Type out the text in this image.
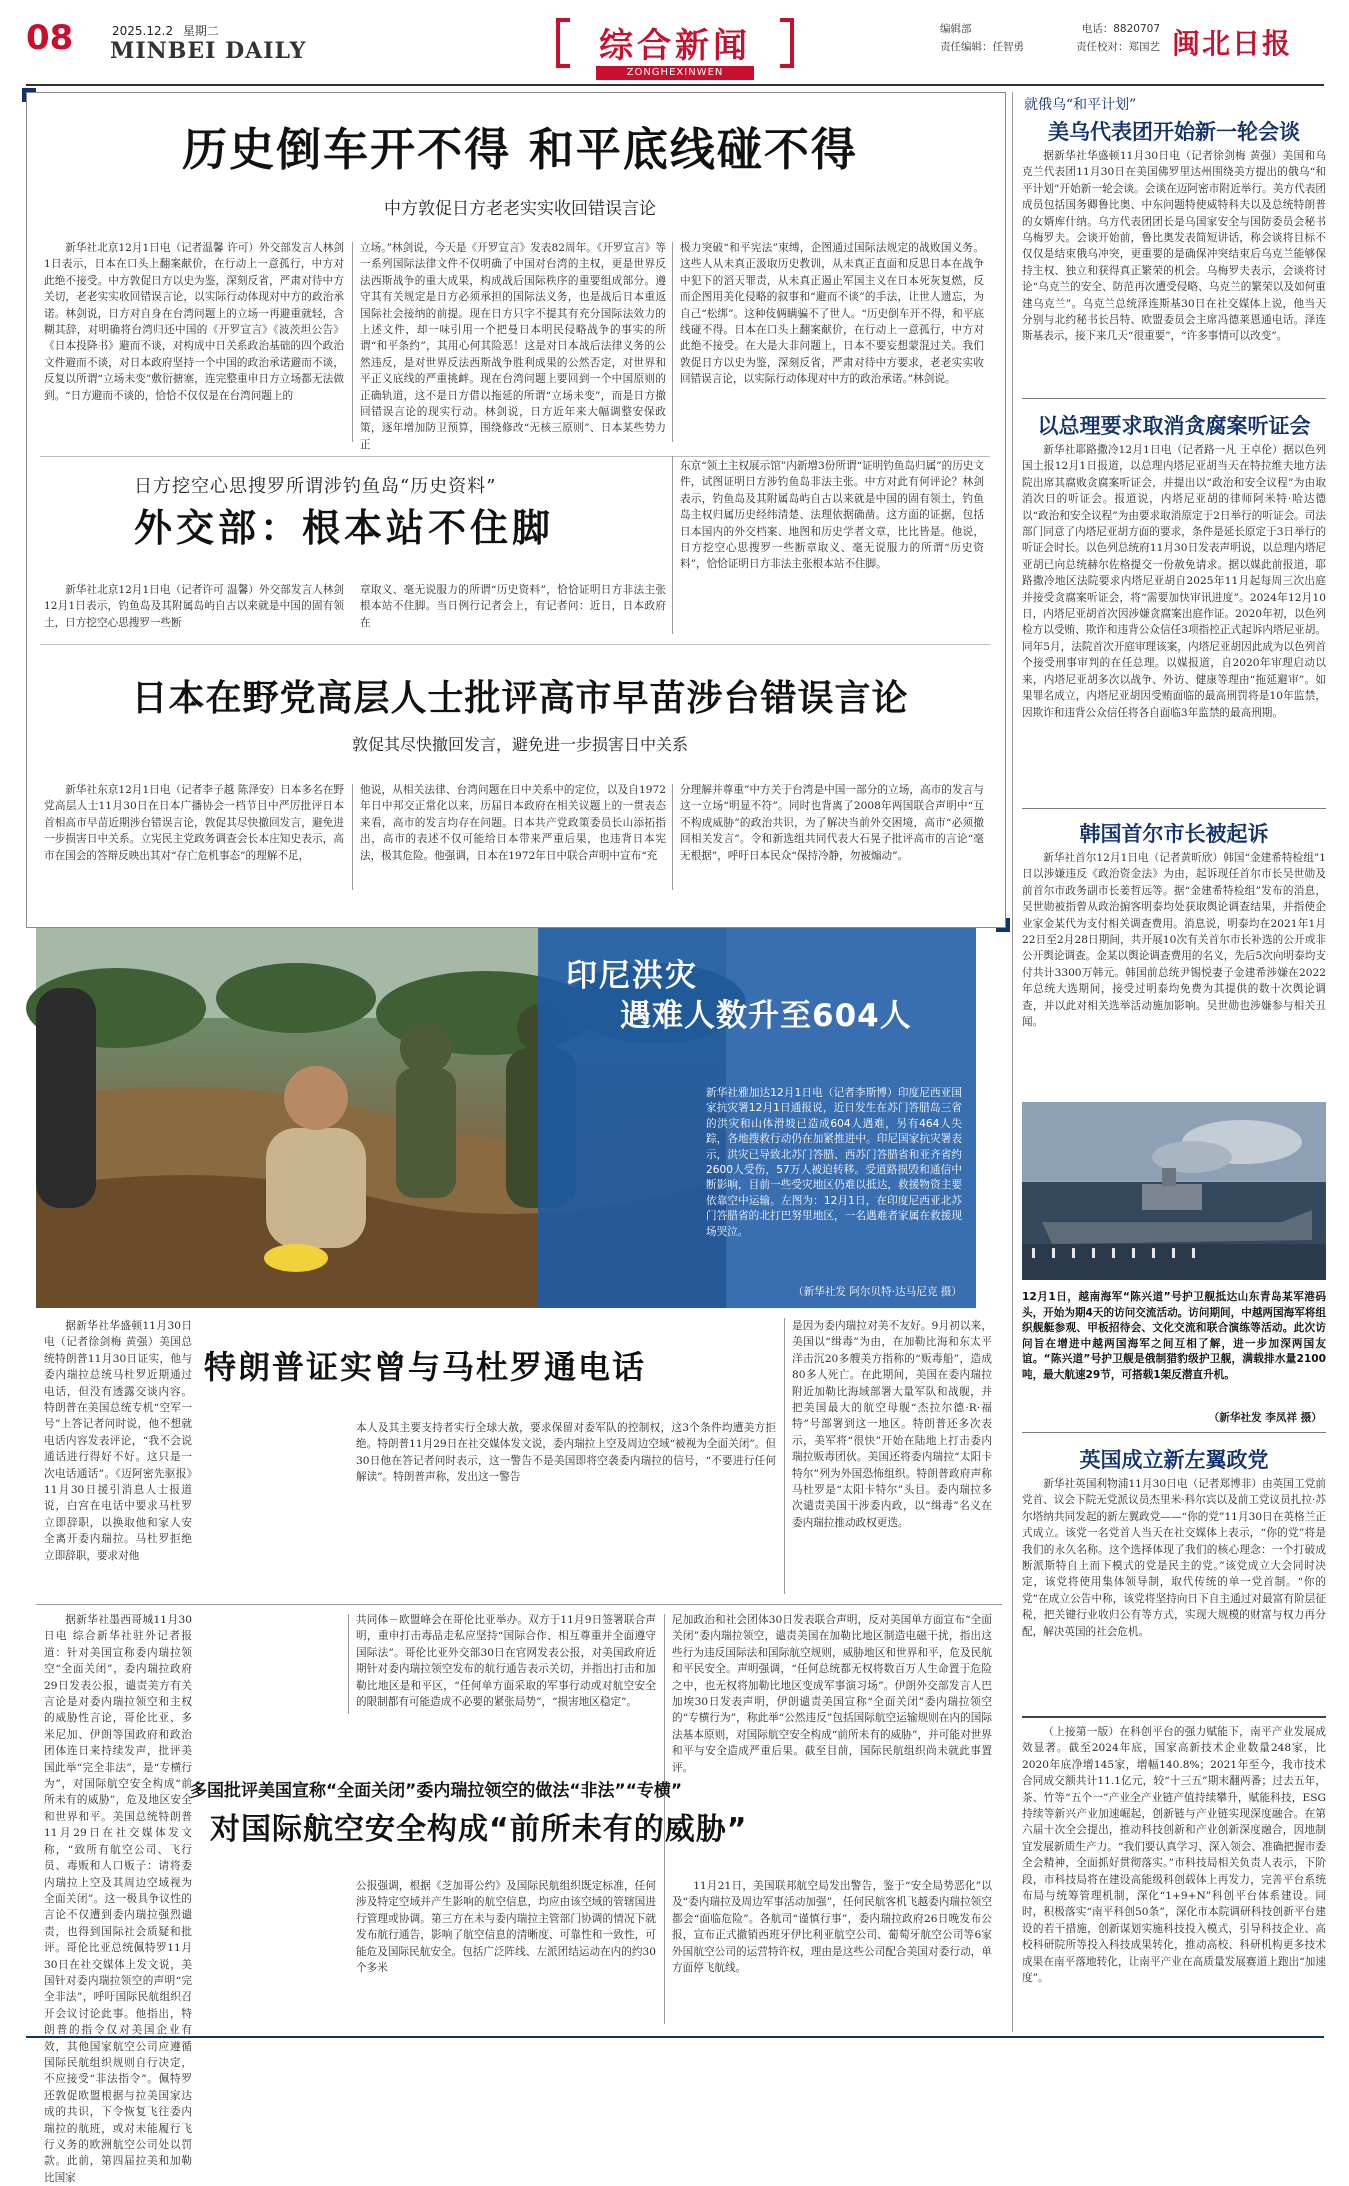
08	2025.12.2 星期二
MINBEI DAILY	综合新闻
ZONGHEXINWEN
编辑部	电话：8820707
责任编辑：任智勇	责任校对：郑国艺 闽北日报
历史倒车开不得 和平底线碰不得
中方敦促日方老老实实收回错误言论

新华社北京12月1日电（记者温馨 许可）外交部发言人林剑1日表示，日本在口头上翻案献价，在行动上一意孤行，中方对此绝不接受。中方敦促日方以史为鉴，深刻反省，严肃对待中方关切，老老实实收回错误言论，以实际行动体现对中方的政治承诺。林剑说，日方对自身在台湾问题上的立场一再避重就轻，含糊其辞，对明确将台湾归还中国的《开罗宣言》《波茨坦公告》《日本投降书》避而不谈，对构成中日关系政治基础的四个政治文件避而不谈，对日本政府坚持一个中国的政治承诺避而不谈，反复以所谓“立场未变”敷衍搪塞，连完整重申日方立场都无法做到。“日方避而不谈的，恰恰不仅仅是在台湾问题上的

立场。”林剑说，今天是《开罗宣言》发表82周年。《开罗宣言》等一系列国际法律文件不仅明确了中国对台湾的主权，更是世界反法西斯战争的重大成果，构成战后国际秩序的重要组成部分。遵守其有关规定是日方必须承担的国际法义务，也是战后日本重返国际社会接纳的前提。现在日方只字不提其有充分国际法效力的上述文件，却一味引用一个把曼日本明民侵略战争的事实的所谓“和平条约”，其用心何其险恶！这是对日本战后法律义务的公然违反，是对世界反法西斯战争胜利成果的公然否定，对世界和平正义底线的严重挑衅。现在台湾问题上要回到一个中国原则的正确轨道，这不是日方借以拖延的所谓“立场未变”，而是日方撤回错误言论的现实行动。林剑说，日方近年来大幅调整安保政策，逐年增加防卫预算，围绕修改“无核三原则”、日本某些势力正

极力突破“和平宪法”束缚，企图通过国际法规定的战败国义务。这些人从未真正汲取历史教训，从未真正直面和反思日本在战争中犯下的滔天罪责，从未真正遏止军国主义在日本死灰复燃，反而企图用美化侵略的叙事和“避而不谈”的手法，让世人遗忘，为自己“松绑”。这种伎俩瞒骗不了世人。“历史倒车开不得，和平底线碰不得。日本在口头上翻案献价，在行动上一意孤行，中方对此绝不接受。在大是大非问题上，日本不要妄想蒙混过关。我们敦促日方以史为鉴，深刻反省，严肃对待中方要求，老老实实收回错误言论，以实际行动体现对中方的政治承诺。”林剑说。

日方挖空心思搜罗所谓涉钓鱼岛“历史资料”
外交部：根本站不住脚

新华社北京12月1日电（记者许可 温馨）外交部发言人林剑12月1日表示，钓鱼岛及其附属岛屿自古以来就是中国的固有领土，日方挖空心思搜罗一些断

章取义、毫无说服力的所谓“历史资料”，恰恰证明日方非法主张根本站不住脚。当日例行记者会上，有记者问：近日，日本政府在

东京“领土主权展示馆”内新增3份所谓“证明钓鱼岛归属”的历史文件，试图证明日方涉钓鱼岛非法主张。中方对此有何评论？林剑表示，钓鱼岛及其附属岛屿自古以来就是中国的固有领土，钓鱼岛主权归属历史经纬清楚、法理依据确凿。这方面的证据，包括日本国内的外交档案、地图和历史学者文章，比比皆是。他说，日方挖空心思搜罗一些断章取义、毫无说服力的所谓“历史资料”，恰恰证明日方非法主张根本站不住脚。

日本在野党高层人士批评高市早苗涉台错误言论
敦促其尽快撤回发言，避免进一步损害日中关系

新华社东京12月1日电（记者李子越 陈泽安）日本多名在野党高层人士11月30日在日本广播协会一档节目中严厉批评日本首相高市早苗近期涉台错误言论，敦促其尽快撤回发言，避免进一步损害日中关系。立宪民主党政务调查会长本庄知史表示，高市在国会的答辩反映出其对“存亡危机事态”的理解不足，

他说，从相关法律、台湾问题在日中关系中的定位，以及自1972年日中邦交正常化以来，历届日本政府在相关议题上的一贯表态来看，高市的发言均存在问题。日本共产党政策委员长山添拓指出，高市的表述不仅可能给日本带来严重后果，也违背日本宪法，极其危险。他强调，日本在1972年日中联合声明中宣布“充

分理解并尊重”中方关于台湾是中国一部分的立场，高市的发言与这一立场“明显不符”。同时也背离了2008年两国联合声明中“互不构成威胁”的政治共识，为了解决当前外交困境，高市“必须撤回相关发言”。令和新选组共同代表大石晃子批评高市的言论“毫无根据”，呼吁日本民众“保持冷静，勿被煽动”。

印尼洪灾
遇难人数升至604人
新华社雅加达12月1日电（记者李斯博）印度尼西亚国家抗灾署12月1日通报说，近日发生在苏门答腊岛三省的洪灾和山体滑坡已造成604人遇难，另有464人失踪，各地搜救行动仍在加紧推进中。印尼国家抗灾署表示，洪灾已导致北苏门答腊、西苏门答腊省和亚齐省约2600人受伤，57万人被迫转移。受道路损毁和通信中断影响，目前一些受灾地区仍难以抵达，救援物资主要依靠空中运输。左图为：12月1日，在印度尼西亚北苏门答腊省的北打巴努里地区，一名遇难者家属在救援现场哭泣。
（新华社发 阿尔贝特·达马尼克 摄）

据新华社华盛顿11月30日电（记者徐剑梅 黄强）美国总统特朗普11月30日证实，他与委内瑞拉总统马杜罗近期通过电话，但没有透露交谈内容。特朗普在美国总统专机“空军一号”上答记者问时说，他不想就电话内容发表评论，“我不会说通话进行得好不好。这只是一次电话通话”。《迈阿密先驱报》11月30日援引消息人士报道说，白宫在电话中要求马杜罗立即辞职，以换取他和家人安全离开委内瑞拉。马杜罗拒绝立即辞职，要求对他

特朗普证实曾与马杜罗通电话

本人及其主要支持者实行全球大赦，要求保留对委军队的控制权，这3个条件均遭美方拒绝。特朗普11月29日在社交媒体发文说，委内瑞拉上空及周边空域“被视为全面关闭”。但30日他在答记者问时表示，这一警告不是美国即将空袭委内瑞拉的信号，“不要进行任何解读”。特朗普声称，发出这一警告

是因为委内瑞拉对美不友好。9月初以来，美国以“缉毒”为由，在加勒比海和东太平洋击沉20多艘美方指称的“贩毒船”，造成80多人死亡。在此期间，美国在委内瑞拉附近加勒比海域部署大量军队和战舰，并把美国最大的航空母舰“杰拉尔德·R·福特”号部署到这一地区。特朗普还多次表示，美军将“很快”开始在陆地上打击委内瑞拉贩毒团伙。美国还将委内瑞拉“太阳卡特尔”列为外国恐怖组织。特朗普政府声称马杜罗是“太阳卡特尔”头目。委内瑞拉多次谴责美国干涉委内政，以“缉毒”名义在委内瑞拉推动政权更迭。

据新华社墨西哥城11月30日电 综合新华社驻外记者报道：针对美国宣称委内瑞拉领空“全面关闭”，委内瑞拉政府29日发表公报，谴责美方有关言论是对委内瑞拉领空和主权的威胁性言论，哥伦比亚、多米尼加、伊朗等国政府和政治团体连日来持续发声，批评美国此举“完全非法”，是“专横行为”，对国际航空安全构成“前所未有的威胁”，危及地区安全和世界和平。美国总统特朗普11月29日在社交媒体发文称，“致所有航空公司、飞行员、毒贩和人口贩子：请将委内瑞拉上空及其周边空域视为全面关闭”。这一极具争议性的言论不仅遭到委内瑞拉强烈谴责，也得到国际社会质疑和批评。哥伦比亚总统佩特罗11月30日在社交媒体上发文说，美国针对委内瑞拉领空的声明“完全非法”，呼吁国际民航组织召开会议讨论此事。他指出，特朗普的指令仅对美国企业有效，其他国家航空公司应遵循国际民航组织规则自行决定，不应接受“非法指令”。佩特罗还敦促欧盟根据与拉美国家达成的共识，下令恢复飞往委内瑞拉的航班，或对未能履行飞行义务的欧洲航空公司处以罚款。此前，第四届拉美和加勒比国家

共同体－欧盟峰会在哥伦比亚举办。双方于11月9日签署联合声明，重申打击毒品走私应坚持“国际合作、相互尊重并全面遵守国际法”。哥伦比亚外交部30日在官网发表公报，对美国政府近期针对委内瑞拉领空发布的航行通告表示关切，并指出打击和加勒比地区是和平区，“任何单方面采取的军事行动或对航空安全的限制都有可能造成不必要的紧张局势”，“损害地区稳定”。

尼加政治和社会团体30日发表联合声明，反对美国单方面宣布“全面关闭”委内瑞拉领空，谴责美国在加勒比地区制造电磁干扰，指出这些行为违反国际法和国际航空规则，威胁地区和世界和平，危及民航和平民安全。声明强调，“任何总统都无权将数百万人生命置于危险之中，也无权将加勒比地区变成军事演习场”。伊朗外交部发言人巴加埃30日发表声明，伊朗谴责美国宣称“全面关闭”委内瑞拉领空的“专横行为”，称此举“公然违反”包括国际航空运输规则在内的国际法基本原则，对国际航空安全构成“前所未有的威胁”，并可能对世界和平与安全造成严重后果。截至目前，国际民航组织尚未就此事置评。

多国批评美国宣称“全面关闭”委内瑞拉领空的做法“非法”“专横”
对国际航空安全构成“前所未有的威胁”

公报强调，根据《芝加哥公约》及国际民航组织既定标准，任何涉及特定空域并产生影响的航空信息，均应由该空域的管辖国进行管理或协调。第三方在未与委内瑞拉主管部门协调的情况下就发布航行通告，影响了航空信息的清晰度、可靠性和一致性，可能危及国际民航安全。包括广泛阵线、左派团结运动在内的约30个多米

11月21日，美国联邦航空局发出警告，鉴于“安全局势恶化”以及“委内瑞拉及周边军事活动加强”，任何民航客机飞越委内瑞拉领空都会“面临危险”。各航司“谨慎行事”，委内瑞拉政府26日晚发布公报，宣布正式撤销西班牙伊比利亚航空公司、葡萄牙航空公司等6家外国航空公司的运营特许权，理由是这些公司配合美国对委行动，单方面停飞航线。

就俄乌“和平计划”
美乌代表团开始新一轮会谈

据新华社华盛顿11月30日电（记者徐剑梅 黄强）美国和乌克兰代表团11月30日在美国佛罗里达州围绕美方提出的俄乌“和平计划”开始新一轮会谈。会谈在迈阿密市附近举行。美方代表团成员包括国务卿鲁比奥、中东问题特使威特科夫以及总统特朗普的女婿库什纳。乌方代表团团长是乌国家安全与国防委员会秘书乌梅罗夫。会谈开始前，鲁比奥发表简短讲话，称会谈将目标不仅仅是结束俄乌冲突，更重要的是确保冲突结束后乌克兰能够保持主权、独立和获得真正繁荣的机会。乌梅罗夫表示，会谈将讨论“乌克兰的安全、防范再次遭受侵略、乌克兰的繁荣以及如何重建乌克兰”。乌克兰总统泽连斯基30日在社交媒体上说，他当天分别与北约秘书长吕特、欧盟委员会主席冯德莱恩通电话。泽连斯基表示，接下来几天“很重要”，“许多事情可以改变”。

以总理要求取消贪腐案听证会

新华社耶路撒冷12月1日电（记者路一凡 王卓伦）据以色列国土报12月1日报道，以总理内塔尼亚胡当天在特拉维夫地方法院出席其腐败贪腐案听证会，并提出以“政治和安全议程”为由取消次日的听证会。报道说，内塔尼亚胡的律师阿米特·哈达德以“政治和安全议程”为由要求取消原定于2日举行的听证会。司法部门同意了内塔尼亚胡方面的要求，条件是延长原定于3日举行的听证会时长。以色列总统府11月30日发表声明说，以总理内塔尼亚胡已向总统赫尔佐格提交一份赦免请求。据以媒此前报道，耶路撒冷地区法院要求内塔尼亚胡自2025年11月起每周三次出庭并接受贪腐案听证会，将“需要加快审讯进度”。2024年12月10日，内塔尼亚胡首次因涉嫌贪腐案出庭作证。2020年初，以色列检方以受贿、欺诈和违背公众信任3项指控正式起诉内塔尼亚胡。同年5月，法院首次开庭审理该案，内塔尼亚胡因此成为以色列首个接受刑事审判的在任总理。以媒报道，自2020年审理启动以来，内塔尼亚胡多次以战争、外访、健康等理由“拖延避审”。如果罪名成立，内塔尼亚胡因受贿面临的最高刑罚将是10年监禁，因欺诈和违背公众信任将各自面临3年监禁的最高刑期。

韩国首尔市长被起诉

新华社首尔12月1日电（记者黄昕欣）韩国“金建希特检组”1日以涉嫌违反《政治资金法》为由，起诉现任首尔市长吴世勋及前首尔市政务副市长姜哲远等。据“金建希特检组”发布的消息，吴世勋被指曾从政治掮客明泰均处获取舆论调查结果，并指使企业家金某代为支付相关调查费用。消息说，明泰均在2021年1月22日至2月28日期间，共开展10次有关首尔市长补选的公开或非公开舆论调查。金某以舆论调查费用的名义，先后5次向明泰均支付共计3300万韩元。韩国前总统尹锡悦妻子金建希涉嫌在2022年总统大选期间，接受过明泰均免费为其提供的数十次舆论调查，并以此对相关选举活动施加影响。吴世勋也涉嫌参与相关丑闻。

12月1日，越南海军“陈兴道”号护卫舰抵达山东青岛某军港码头，开始为期4天的访问交流活动。访问期间，中越两国海军将组织舰艇参观、甲板招待会、文化交流和联合演练等活动。此次访问旨在增进中越两国海军之间互相了解，进一步加深两国友谊。“陈兴道”号护卫舰是俄制猎豹级护卫舰，满载排水量2100吨，最大航速29节，可搭载1架反潜直升机。
（新华社发 李凤祥 摄）
英国成立新左翼政党

新华社英国利物浦11月30日电（记者郑博非）由英国工党前党首、议会下院无党派议员杰里米·科尔宾以及前工党议员扎拉·苏尔塔纳共同发起的新左翼政党——“你的党”11月30日在英格兰正式成立。该党一名党首人当天在社交媒体上表示，“你的党”将是我们的永久名称。这个选择体现了我们的核心理念：一个打破成断派斯特自上而下模式的党是民主的党。”该党成立大会同时决定，该党将使用集体领导制，取代传统的单一党首制。“你的党”在成立公告中称，该党将坚持向日下自主通过对最富有阶层征税，把关键行业收归公有等方式，实现大规模的财富与权力再分配，解决英国的社会危机。

（上接第一版）在科创平台的强力赋能下，南平产业发展成效显著。截至2024年底，国家高新技术企业数量248家，比2020年底净增145家，增幅140.8%；2021年至今，我市技术合同成交额共计11.1亿元，较“十三五”期末翻两番；过去五年，茶、竹等“五个一”产业全产业链产值持续攀升，赋能科技，ESG持续等新兴产业加速崛起，创新链与产业链实现深度融合。在第六届十次全会提出，推动科技创新和产业创新深度融合，因地制宜发展新质生产力。“我们要认真学习、深入领会、准确把握市委全会精神，全面抓好贯彻落实。”市科技局相关负责人表示，下阶段，市科技局将在建设高能级科创载体上再发力，完善平台系统布局与统筹管理机制，深化“1+9+N”科创平台体系建设。同时，积极落实“南平科创50条”，深化市本院调研科技创新平台建设的若干措施，创新谋划实施科技投入模式，引导科技企业、高校科研院所等投入科技成果转化，推动高校、科研机构更多技术成果在南平落地转化，让南平产业在高质量发展赛道上跑出“加速度”。
